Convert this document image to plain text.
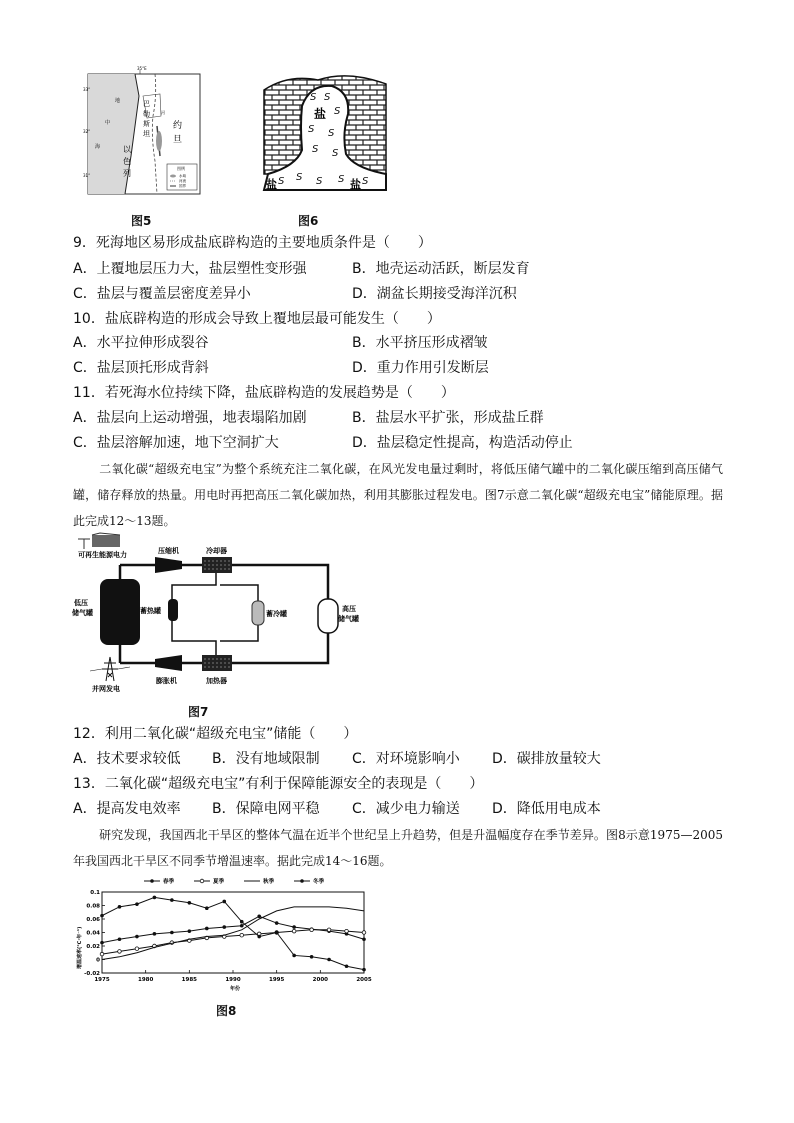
35°E
33°
32°
31°
地
中
海	以
色
列
巴
勒
斯
坦
约
旦
河
图例
水域
河流
国界
图5
S S
S
S S
S S
S S S S S
盐
盐	盐
图6
9．死海地区易形成盐底辟构造的主要地质条件是（　　）
A．上覆地层压力大，盐层塑性变形强	B．地壳运动活跃，断层发育
C．盐层与覆盖层密度差异小	D．湖盆长期接受海洋沉积
10．盐底辟构造的形成会导致上覆地层最可能发生（　　）
A．水平拉伸形成裂谷	B．水平挤压形成褶皱
C．盐层顶托形成背斜	D．重力作用引发断层
11．若死海水位持续下降，盐底辟构造的发展趋势是（　　）
A．盐层向上运动增强，地表塌陷加剧	B．盐层水平扩张，形成盐丘群
C．盐层溶解加速，地下空洞扩大	D．盐层稳定性提高，构造活动停止
二氧化碳“超级充电宝”为整个系统充注二氧化碳，在风光发电量过剩时，将低压储气罐中的二氧化碳压缩到高压储气罐，储存释放的热量。用电时再把高压二氧化碳加热，利用其膨胀过程发电。图7示意二氧化碳“超级充电宝”储能原理。据此完成12～13题。
可再生能源电力	压缩机	冷却器
低压
储气罐	蓄热罐	蓄冷罐
高压
储气罐
膨胀机	加热器
并网发电
图7
12．利用二氧化碳“超级充电宝”储能（　　）
A．技术要求较低 B．没有地域限制 C．对环境影响小 D．碳排放量较大
13．二氧化碳“超级充电宝”有利于保障能源安全的表现是（　　）
A．提高发电效率 B．保障电网平稳 C．减少电力输送 D．降低用电成本
研究发现，我国西北干旱区的整体气温在近半个世纪呈上升趋势，但是升温幅度存在季节差异。图8示意1975—2005年我国西北干旱区不同季节增温速率。据此完成14～16题。
增温速率(℃·年⁻¹)
年份
-0.02
0
0.02
0.04
0.06
0.08
0.1
1975	1980	1985	1990	1995	2000	2005
春季	夏季	秋季	冬季
图8
